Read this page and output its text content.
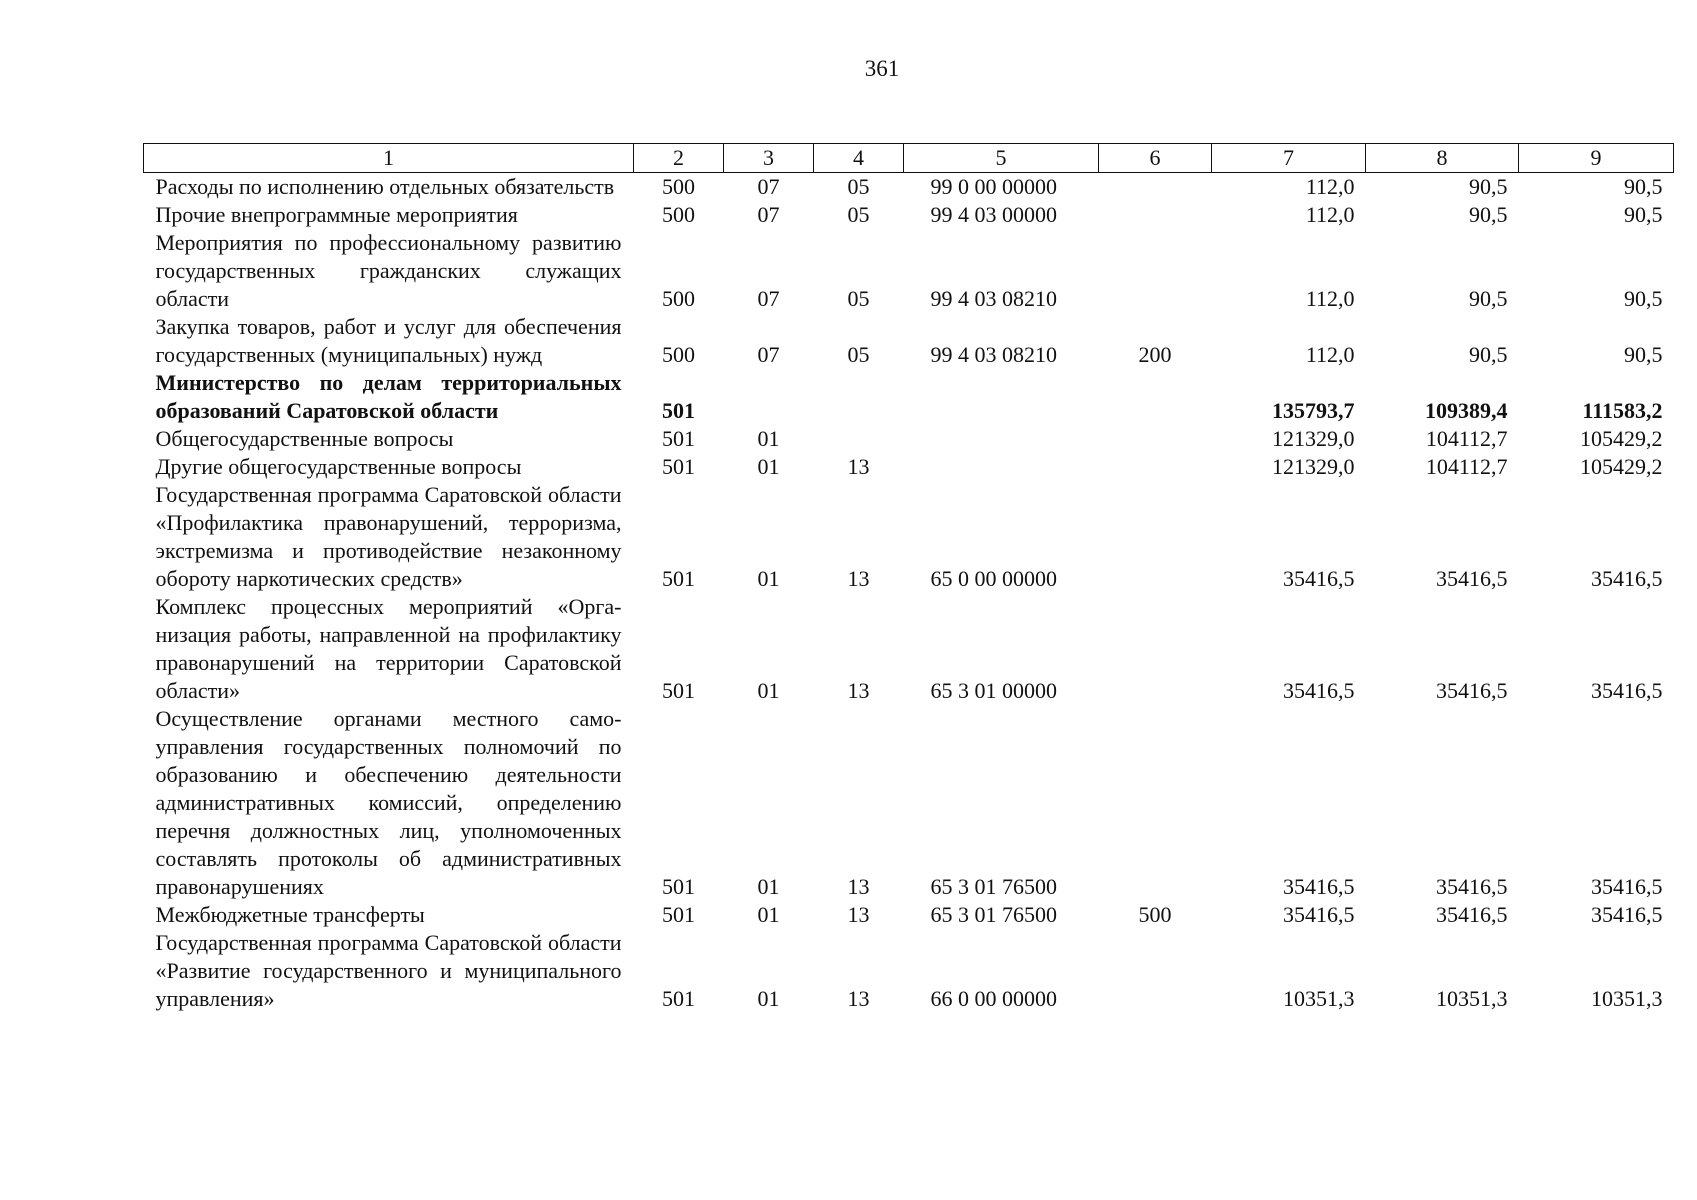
361
1	2	3	4	5	6	7	8	9
Расходы по исполнению отдельных обязательств	500	07	05	99 0 00 00000		112,0	90,5	90,5
Прочие внепрограммные мероприятия	500	07	05	99 4 03 00000		112,0	90,5	90,5
Мероприятия по профессиональному развитию государственных гражданских служащих области	500	07	05	99 4 03 08210		112,0	90,5	90,5
Закупка товаров, работ и услуг для обеспечения государственных (муниципальных) нужд	500	07	05	99 4 03 08210	200	112,0	90,5	90,5
Министерство по делам территориальных образований Саратовской области	501					135793,7	109389,4	111583,2
Общегосударственные вопросы	501	01				121329,0	104112,7	105429,2
Другие общегосударственные вопросы	501	01	13			121329,0	104112,7	105429,2
Государственная программа Саратовской области «Профилактика правонарушений, терроризма, экстремизма и противодействие незаконному обороту наркотических средств»	501	01	13	65 0 00 00000		35416,5	35416,5	35416,5
Комплекс процессных мероприятий «Организация работы, направленной на профилактику правонарушений на территории Саратовской области»	501	01	13	65 3 01 00000		35416,5	35416,5	35416,5
Осуществление органами местного самоуправления государственных полномочий по образованию и обеспечению деятельности административных комиссий, определению перечня должностных лиц, уполномоченных составлять протоколы об административных правонарушениях	501	01	13	65 3 01 76500		35416,5	35416,5	35416,5
Межбюджетные трансферты	501	01	13	65 3 01 76500	500	35416,5	35416,5	35416,5
Государственная программа Саратовской области «Развитие государственного и муниципального управления»	501	01	13	66 0 00 00000		10351,3	10351,3	10351,3
